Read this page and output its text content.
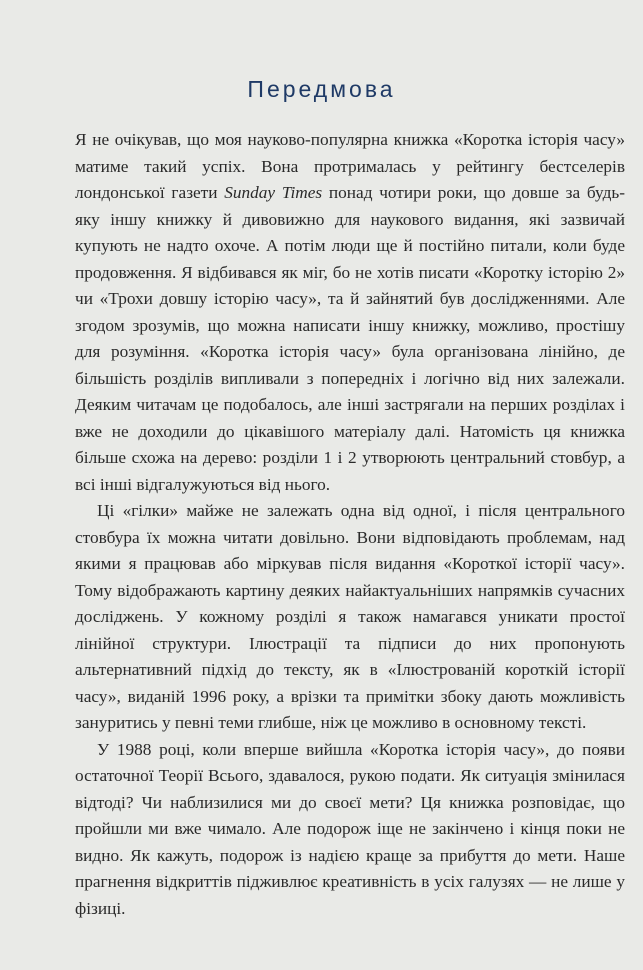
Передмова

Я не очікував, що моя науково-популярна книжка «Коротка історія часу» матиме такий успіх. Вона протрималась у рейтингу бестселерів лондонської газети Sunday Times понад чотири роки, що довше за будь-яку іншу книжку й дивовижно для наукового видання, які зазвичай купують не надто охоче. А потім люди ще й постійно питали, коли буде продовження. Я відбивався як міг, бо не хотів писати «Коротку історію 2» чи «Трохи довшу історію часу», та й зайнятий був дослідженнями. Але згодом зрозумів, що можна написати іншу книжку, можливо, простішу для розуміння. «Коротка історія часу» була організована лінійно, де більшість розділів випливали з попередніх і логічно від них залежали. Деяким читачам це подобалось, але інші застрягали на перших розділах і вже не доходили до цікавішого матеріалу далі. Натомість ця книжка більше схожа на дерево: розділи 1 і 2 утворюють центральний стовбур, а всі інші відгалужуються від нього.

Ці «гілки» майже не залежать одна від одної, і після центрального стовбура їх можна читати довільно. Вони відповідають проблемам, над якими я працював або міркував після видання «Короткої історії часу». Тому відображають картину деяких найактуальніших напрямків сучасних досліджень. У кожному розділі я також намагався уникати простої лінійної структури. Ілюстрації та підписи до них пропонують альтернативний підхід до тексту, як в «Ілюстрованій короткій історії часу», виданій 1996 року, а врізки та примітки збоку дають можливість зануритись у певні теми глибше, ніж це можливо в основному тексті.

У 1988 році, коли вперше вийшла «Коротка історія часу», до появи остаточної Теорії Всього, здавалося, рукою подати. Як ситуація змінилася відтоді? Чи наблизилися ми до своєї мети? Ця книжка розповідає, що пройшли ми вже чимало. Але подорож іще не закінчено і кінця поки не видно. Як кажуть, подорож із надією краще за прибуття до мети. Наше прагнення відкриттів підживлює креативність в усіх галузях — не лише у фізиці.
